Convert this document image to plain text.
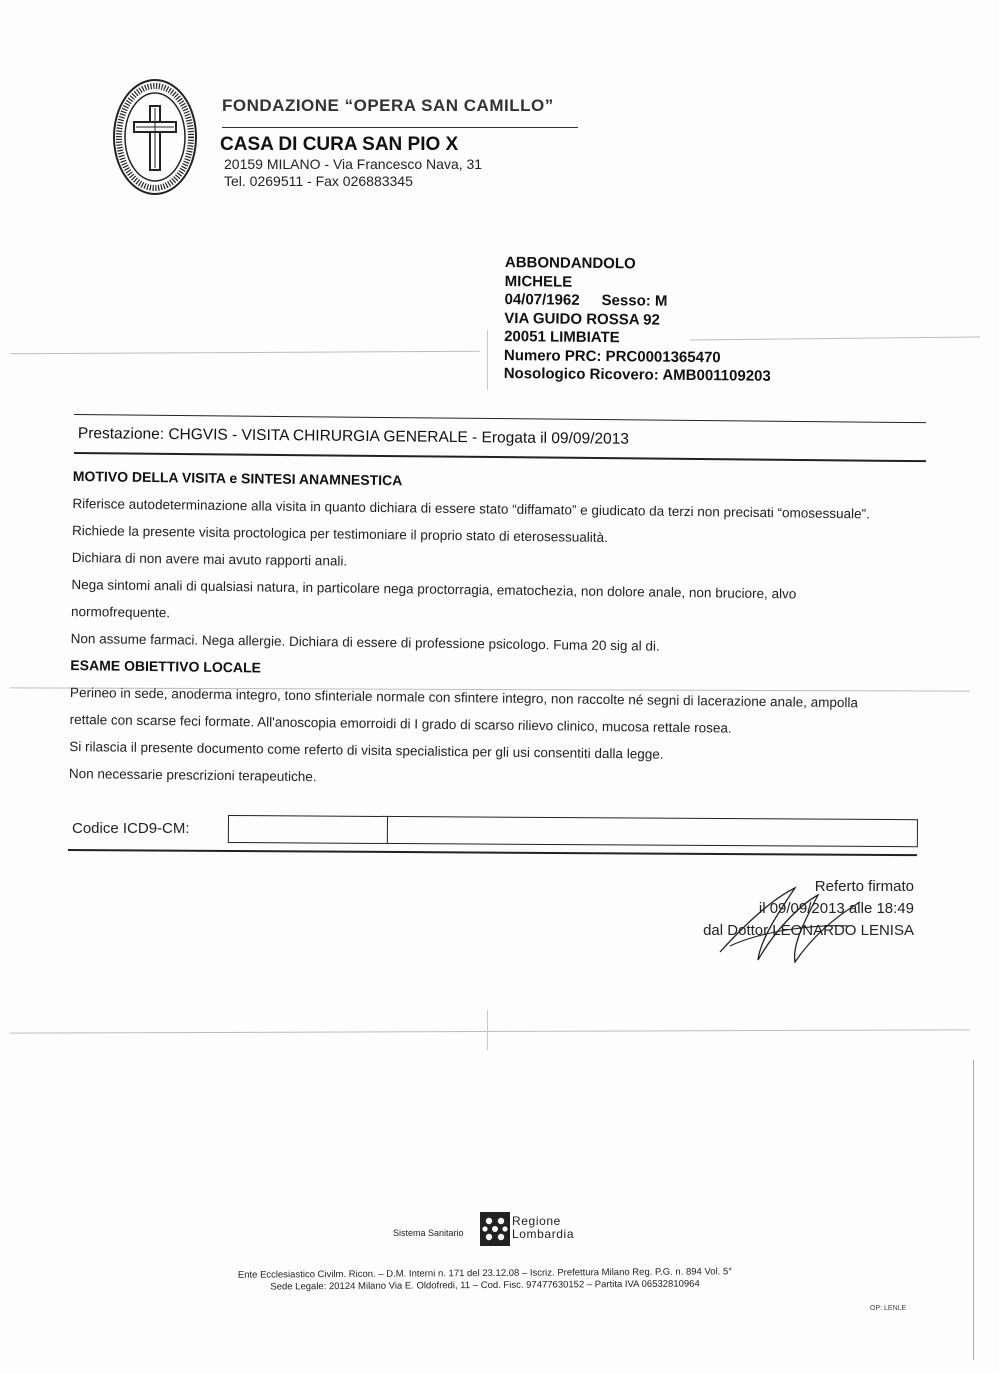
FONDAZIONE “OPERA SAN CAMILLO”
CASA DI CURA SAN PIO X
20159 MILANO - Via Francesco Nava, 31
Tel. 0269511 - Fax 026883345
ABBONDANDOLO
MICHELE
04/07/1962 Sesso: M
VIA GUIDO ROSSA 92
20051 LIMBIATE
Numero PRC: PRC0001365470
Nosologico Ricovero: AMB001109203
Prestazione: CHGVIS - VISITA CHIRURGIA GENERALE - Erogata il 09/09/2013

MOTIVO DELLA VISITA e SINTESI ANAMNESTICA

Riferisce autodeterminazione alla visita in quanto dichiara di essere stato “diffamato” e giudicato da terzi non precisati “omosessuale”.

Richiede la presente visita proctologica per testimoniare il proprio stato di eterosessualità.

Dichiara di non avere mai avuto rapporti anali.

Nega sintomi anali di qualsiasi natura, in particolare nega proctorragia, ematochezia, non dolore anale, non bruciore, alvo

normofrequente.

Non assume farmaci. Nega allergie. Dichiara di essere di professione psicologo. Fuma 20 sig al di.

ESAME OBIETTIVO LOCALE

Perineo in sede, anoderma integro, tono sfinteriale normale con sfintere integro, non raccolte né segni di lacerazione anale, ampolla

rettale con scarse feci formate. All'anoscopia emorroidi di I grado di scarso rilievo clinico, mucosa rettale rosea.

Si rilascia il presente documento come referto di visita specialistica per gli usi consentiti dalla legge.

Non necessarie prescrizioni terapeutiche.

Codice ICD9-CM:
Referto firmato
il 09/09/2013 alle 18:49
dal Dottor LEONARDO LENISA
Sistema Sanitario
Regione
Lombardia
Ente Ecclesiastico Civilm. Ricon. – D.M. Interni n. 171 del 23.12.08 – Iscriz. Prefettura Milano Reg. P.G. n. 894 Vol. 5°
Sede Legale: 20124 Milano Via E. Oldofredi, 11 – Cod. Fisc. 97477630152 – Partita IVA 06532810964
OP: LENLE
